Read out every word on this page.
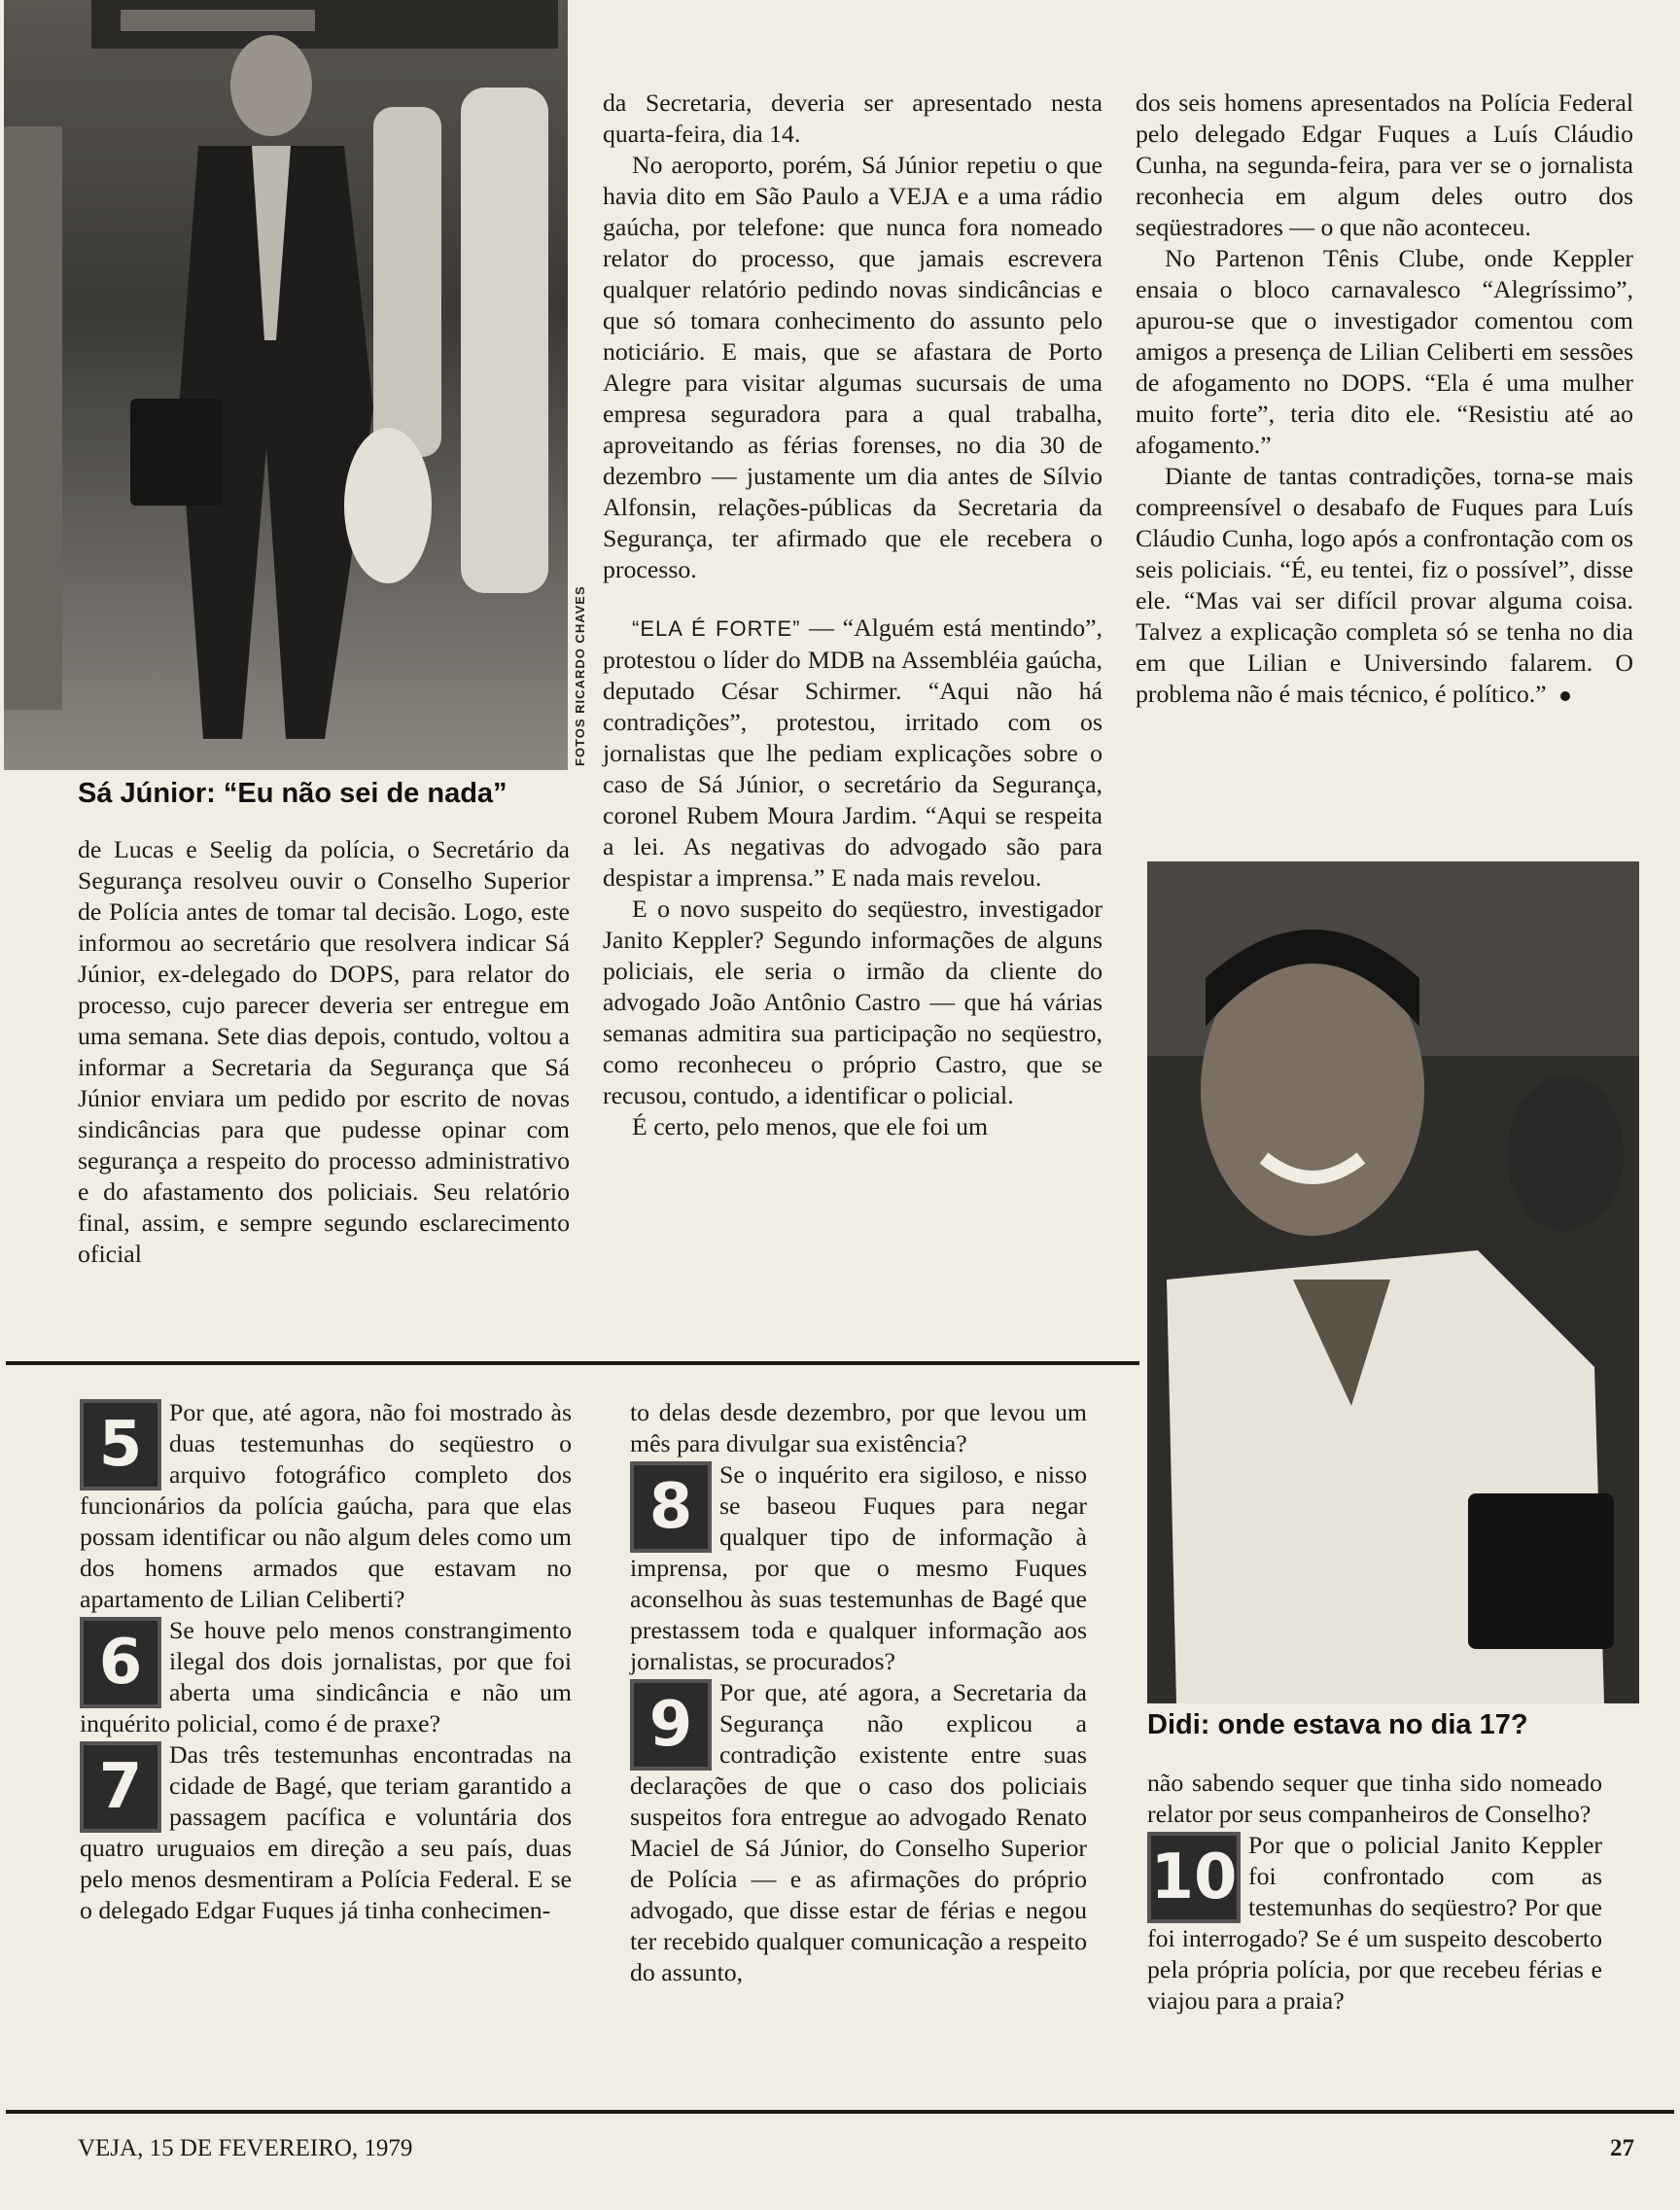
FOTOS RICARDO CHAVES
Sá Júnior: “Eu não sei de nada”

de Lucas e Seelig da polícia, o Secretário da Segurança resolveu ouvir o Conselho Superior de Polícia antes de tomar tal decisão. Logo, este informou ao secretário que resolvera indicar Sá Júnior, ex-delegado do DOPS, para relator do processo, cujo parecer deveria ser entregue em uma semana. Sete dias depois, contudo, voltou a informar a Secretaria da Segurança que Sá Júnior enviara um pedido por escrito de novas sindicâncias para que pudesse opinar com segurança a respeito do processo administrativo e do afastamento dos policiais. Seu relatório final, assim, e sempre segundo esclarecimento oficial

da Secretaria, deveria ser apresentado nesta quarta-feira, dia 14.

No aeroporto, porém, Sá Júnior repetiu o que havia dito em São Paulo a VEJA e a uma rádio gaúcha, por telefone: que nunca fora nomeado relator do processo, que jamais escrevera qualquer relatório pedindo novas sindicâncias e que só tomara conhecimento do assunto pelo noticiário. E mais, que se afastara de Porto Alegre para visitar algumas sucursais de uma empresa seguradora para a qual trabalha, aproveitando as férias forenses, no dia 30 de dezembro — justamente um dia antes de Sílvio Alfonsin, relações-públicas da Secretaria da Segurança, ter afirmado que ele recebera o processo.

“ELA É FORTE” — “Alguém está mentindo”, protestou o líder do MDB na Assembléia gaúcha, deputado César Schirmer. “Aqui não há contradições”, protestou, irritado com os jornalistas que lhe pediam explicações sobre o caso de Sá Júnior, o secretário da Segurança, coronel Rubem Moura Jardim. “Aqui se respeita a lei. As negativas do advogado são para despistar a imprensa.” E nada mais revelou.

E o novo suspeito do seqüestro, investigador Janito Keppler? Segundo informações de alguns policiais, ele seria o irmão da cliente do advogado João Antônio Castro — que há várias semanas admitira sua participação no seqüestro, como reconheceu o próprio Castro, que se recusou, contudo, a identificar o policial.

É certo, pelo menos, que ele foi um

dos seis homens apresentados na Polícia Federal pelo delegado Edgar Fuques a Luís Cláudio Cunha, na segunda-feira, para ver se o jornalista reconhecia em algum deles outro dos seqüestradores — o que não aconteceu.

No Partenon Tênis Clube, onde Keppler ensaia o bloco carnavalesco “Alegríssimo”, apurou-se que o investigador comentou com amigos a presença de Lilian Celiberti em sessões de afogamento no DOPS. “Ela é uma mulher muito forte”, teria dito ele. “Resistiu até ao afogamento.”

Diante de tantas contradições, torna-se mais compreensível o desabafo de Fuques para Luís Cláudio Cunha, logo após a confrontação com os seis policiais. “É, eu tentei, fiz o possível”, disse ele. “Mas vai ser difícil provar alguma coisa. Talvez a explicação completa só se tenha no dia em que Lilian e Universindo falarem. O problema não é mais técnico, é político.”

Didi: onde estava no dia 17?
5	Por que, até agora, não foi mostrado às duas testemunhas do seqüestro o arquivo fotográfico completo dos funcionários da polícia gaúcha, para que elas possam identificar ou não algum deles como um dos homens armados que estavam no apartamento de Lilian Celiberti?

6	Se houve pelo menos constrangimento ilegal dos dois jornalistas, por que foi aberta uma sindicância e não um inquérito policial, como é de praxe?

7	Das três testemunhas encontradas na cidade de Bagé, que teriam garantido a passagem pacífica e voluntária dos quatro uruguaios em direção a seu país, duas pelo menos desmentiram a Polícia Federal. E se o delegado Edgar Fuques já tinha conhecimen-

to delas desde dezembro, por que levou um mês para divulgar sua existência?

8	Se o inquérito era sigiloso, e nisso se baseou Fuques para negar qualquer tipo de informação à imprensa, por que o mesmo Fuques aconselhou às suas testemunhas de Bagé que prestassem toda e qualquer informação aos jornalistas, se procurados?

9	Por que, até agora, a Secretaria da Segurança não explicou a contradição existente entre suas declarações de que o caso dos policiais suspeitos fora entregue ao advogado Renato Maciel de Sá Júnior, do Conselho Superior de Polícia — e as afirmações do próprio advogado, que disse estar de férias e negou ter recebido qualquer comunicação a respeito do assunto,

não sabendo sequer que tinha sido nomeado relator por seus companheiros de Conselho?

10 Por que o policial Janito Keppler foi confrontado com as testemunhas do seqüestro? Por que foi interrogado? Se é um suspeito descoberto pela própria polícia, por que recebeu férias e viajou para a praia?

VEJA, 15 DE FEVEREIRO, 1979	27
